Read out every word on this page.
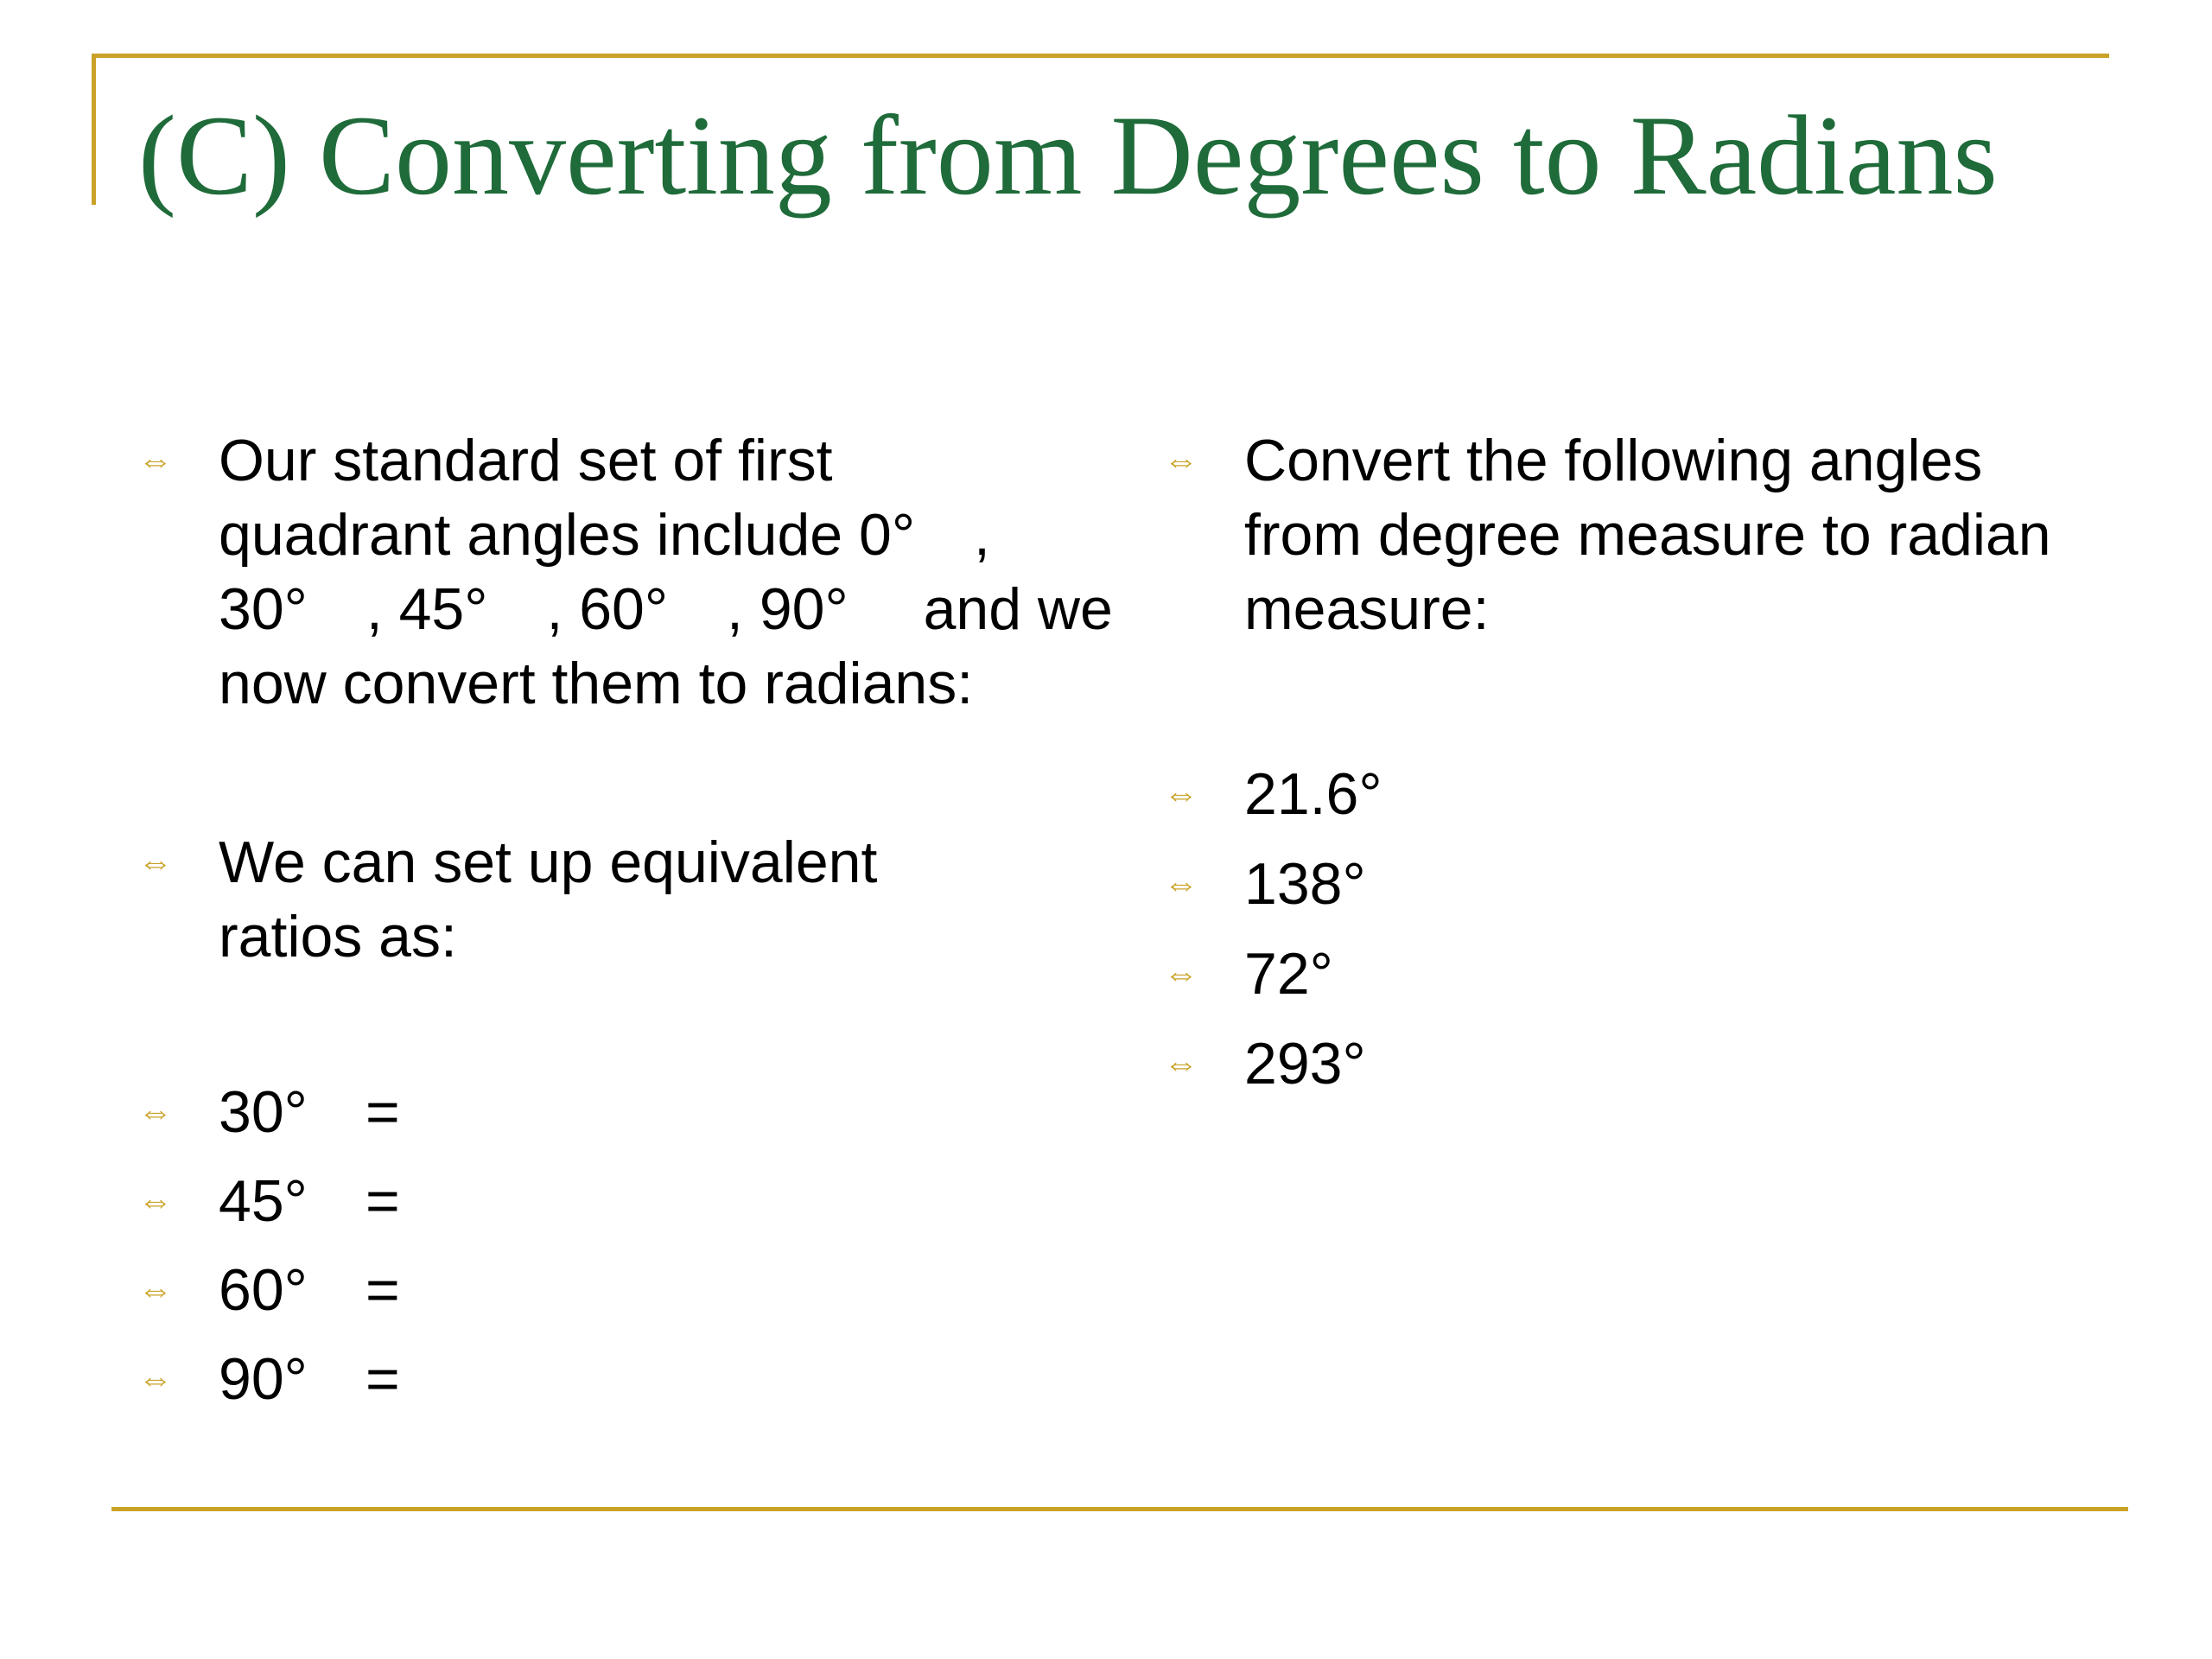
(C) Converting from Degrees to Radians
⇔ Our standard set of first
quadrant angles include 0° ,
30° , 45° , 60° , 90°  and we
now convert them to radians:
⇔ We can set up equivalent
ratios as:
⇔ 30° =
⇔ 45° =
⇔ 60° =
⇔ 90° =
⇔ Convert the following angles
from degree measure to radian
measure:
⇔ 21.6°
⇔ 138°
⇔ 72°
⇔ 293°
